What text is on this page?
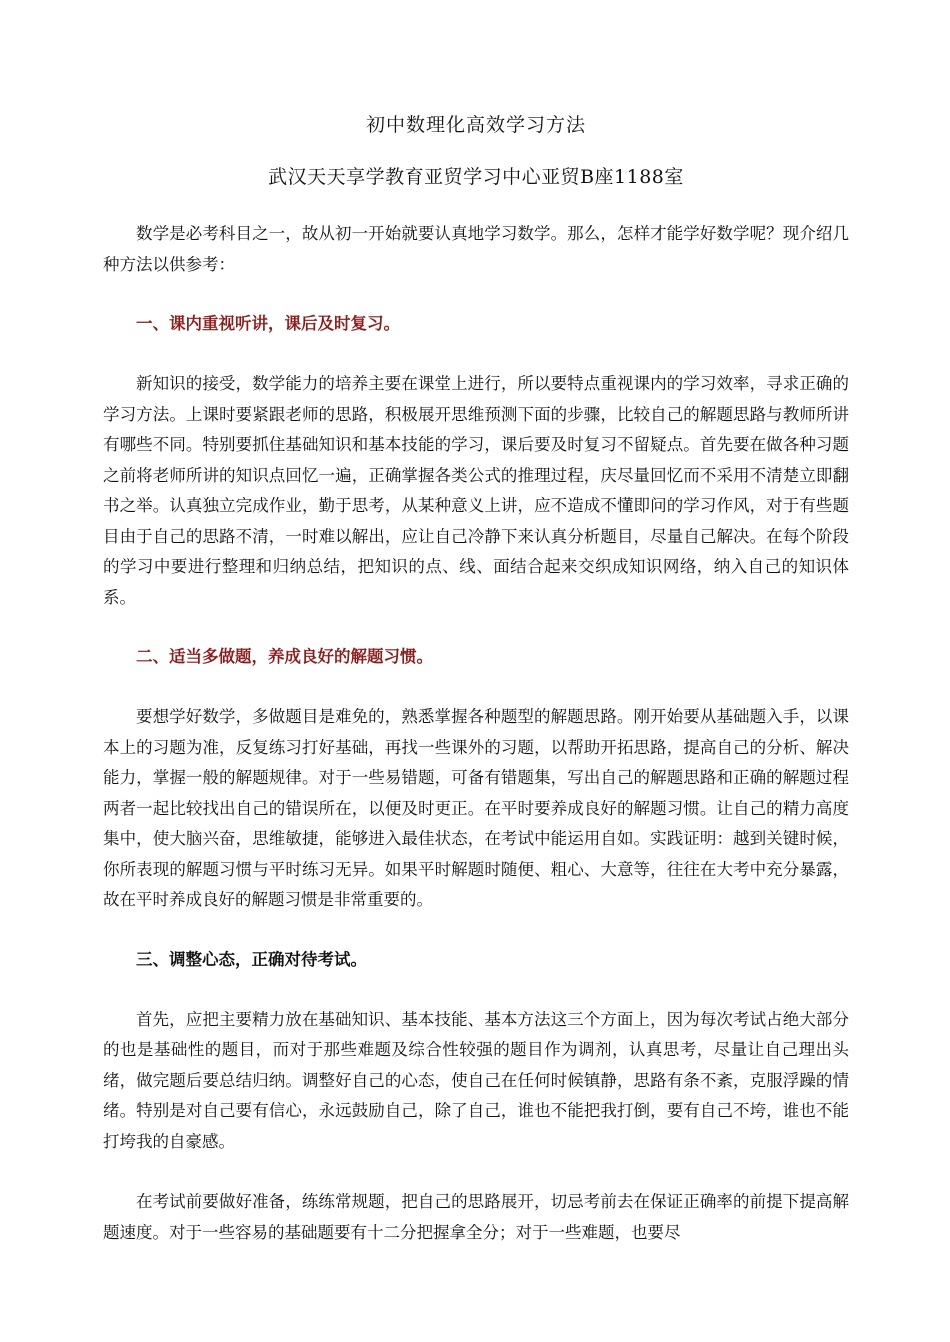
初中数理化高效学习方法
武汉天天享学教育亚贸学习中心亚贸B座1188室

数学是必考科目之一，故从初一开始就要认真地学习数学。那么，怎样才能学好数学呢？现介绍几种方法以供参考：

一、课内重视听讲，课后及时复习。

新知识的接受，数学能力的培养主要在课堂上进行，所以要特点重视课内的学习效率，寻求正确的学习方法。上课时要紧跟老师的思路，积极展开思维预测下面的步骤，比较自己的解题思路与教师所讲有哪些不同。特别要抓住基础知识和基本技能的学习，课后要及时复习不留疑点。首先要在做各种习题之前将老师所讲的知识点回忆一遍，正确掌握各类公式的推理过程，庆尽量回忆而不采用不清楚立即翻书之举。认真独立完成作业，勤于思考，从某种意义上讲，应不造成不懂即问的学习作风，对于有些题目由于自己的思路不清，一时难以解出，应让自己冷静下来认真分析题目，尽量自己解决。在每个阶段的学习中要进行整理和归纳总结，把知识的点、线、面结合起来交织成知识网络，纳入自己的知识体系。

二、适当多做题，养成良好的解题习惯。

要想学好数学，多做题目是难免的，熟悉掌握各种题型的解题思路。刚开始要从基础题入手，以课本上的习题为准，反复练习打好基础，再找一些课外的习题，以帮助开拓思路，提高自己的分析、解决能力，掌握一般的解题规律。对于一些易错题，可备有错题集，写出自己的解题思路和正确的解题过程两者一起比较找出自己的错误所在，以便及时更正。在平时要养成良好的解题习惯。让自己的精力高度集中，使大脑兴奋，思维敏捷，能够进入最佳状态，在考试中能运用自如。实践证明：越到关键时候，你所表现的解题习惯与平时练习无异。如果平时解题时随便、粗心、大意等，往往在大考中充分暴露，故在平时养成良好的解题习惯是非常重要的。

三、调整心态，正确对待考试。

首先，应把主要精力放在基础知识、基本技能、基本方法这三个方面上，因为每次考试占绝大部分的也是基础性的题目，而对于那些难题及综合性较强的题目作为调剂，认真思考，尽量让自己理出头绪，做完题后要总结归纳。调整好自己的心态，使自己在任何时候镇静，思路有条不紊，克服浮躁的情绪。特别是对自己要有信心，永远鼓励自己，除了自己，谁也不能把我打倒，要有自己不垮，谁也不能打垮我的自豪感。

在考试前要做好准备，练练常规题，把自己的思路展开，切忌考前去在保证正确率的前提下提高解题速度。对于一些容易的基础题要有十二分把握拿全分；对于一些难题，也要尽
